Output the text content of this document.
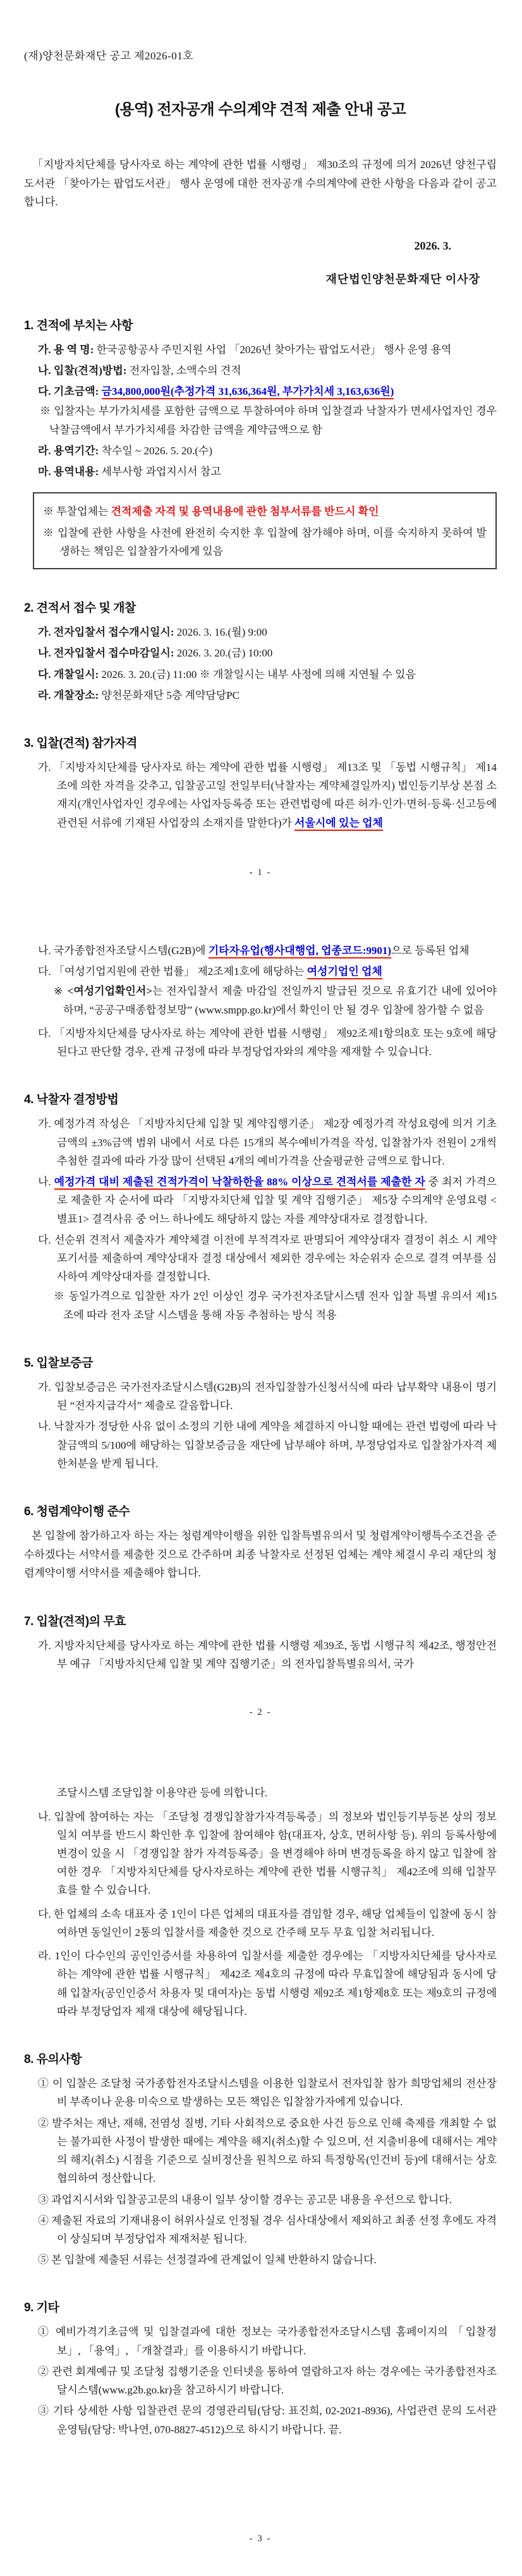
(재)양천문화재단 공고 제2026-01호
(용역) 전자공개 수의계약 견적 제출 안내 공고

「지방자치단체를 당사자로 하는 계약에 관한 법률 시행령」 제30조의 규정에 의거 2026년 양천구립도서관 「찾아가는 팝업도서관」 행사 운영에 대한 전자공개 수의계약에 관한 사항을 다음과 같이 공고합니다.

2026. 3.
재단법인양천문화재단 이사장
1. 견적에 부치는 사항

가. 용 역 명: 한국공항공사 주민지원 사업 「2026년 찾아가는 팝업도서관」 행사 운영 용역

나. 입찰(견적)방법: 전자입찰, 소액수의 견적

다. 기초금액: 금34,800,000원(추정가격 31,636,364원, 부가가치세 3,163,636원)

※ 입찰자는 부가가치세를 포함한 금액으로 투찰하여야 하며 입찰결과 낙찰자가 면세사업자인 경우 낙찰금액에서 부가가치세를 차감한 금액을 계약금액으로 함

라. 용역기간: 착수일 ~ 2026. 5. 20.(수)

마. 용역내용: 세부사항 과업지시서 참고

※ 투찰업체는 견적제출 자격 및 용역내용에 관한 첨부서류를 반드시 확인

※ 입찰에 관한 사항을 사전에 완전히 숙지한 후 입찰에 참가해야 하며, 이를 숙지하지 못하여 발생하는 책임은 입찰참가자에게 있음

2. 견적서 접수 및 개찰

가. 전자입찰서 접수개시일시: 2026. 3. 16.(월) 9:00

나. 전자입찰서 접수마감일시: 2026. 3. 20.(금) 10:00

다. 개찰일시: 2026. 3. 20.(금) 11:00 ※ 개찰일시는 내부 사정에 의해 지연될 수 있음

라. 개찰장소: 양천문화재단 5층 계약담당PC

3. 입찰(견적) 참가자격

가. 「지방자치단체를 당사자로 하는 계약에 관한 법률 시행령」 제13조 및 「동법 시행규칙」 제14조에 의한 자격을 갖추고, 입찰공고일 전일부터(낙찰자는 계약체결일까지) 법인등기부상 본점 소재지(개인사업자인 경우에는 사업자등록증 또는 관련법령에 따른 허가·인가·면허·등록·신고등에 관련된 서류에 기재된 사업장의 소재지를 말한다)가 서울시에 있는 업체

- 1 -

나. 국가종합전자조달시스템(G2B)에 기타자유업(행사대행업, 업종코드:9901)으로 등록된 업체

다. 「여성기업지원에 관한 법률」 제2조제1호에 해당하는 여성기업인 업체

※ <여성기업확인서>는 전자입찰서 제출 마감일 전일까지 발급된 것으로 유효기간 내에 있어야 하며, “공공구매종합정보망” (www.smpp.go.kr)에서 확인이 안 될 경우 입찰에 참가할 수 없음

다. 「지방자치단체를 당사자로 하는 계약에 관한 법률 시행령」 제92조제1항의8호 또는 9호에 해당된다고 판단할 경우, 관계 규정에 따라 부정당업자와의 계약을 제재할 수 있습니다.

4. 낙찰자 결정방법

가. 예정가격 작성은 「지방자치단체 입찰 및 계약집행기준」 제2장 예정가격 작성요령에 의거 기초금액의 ±3%금액 범위 내에서 서로 다른 15개의 복수예비가격을 작성, 입찰참가자 전원이 2개씩 추첨한 결과에 따라 가장 많이 선택된 4개의 예비가격을 산술평균한 금액으로 합니다.

나. 예정가격 대비 제출된 견적가격이 낙찰하한율 88% 이상으로 견적서를 제출한 자 중 최저 가격으로 제출한 자 순서에 따라 「지방자치단체 입찰 및 계약 집행기준」 제5장 수의계약 운영요령 <별표1> 결격사유 중 어느 하나에도 해당하지 않는 자를 계약상대자로 결정합니다.

다. 선순위 견적서 제출자가 계약체결 이전에 부적격자로 판명되어 계약상대자 결정이 취소 시 계약 포기서를 제출하여 계약상대자 결정 대상에서 제외한 경우에는 차순위자 순으로 결격 여부를 심사하여 계약상대자를 결정합니다.

※ 동일가격으로 입찰한 자가 2인 이상인 경우 국가전자조달시스템 전자 입찰 특별 유의서 제15조에 따라 전자 조달 시스템을 통해 자동 추첨하는 방식 적용

5. 입찰보증금

가. 입찰보증금은 국가전자조달시스템(G2B)의 전자입찰참가신청서식에 따라 납부확약 내용이 명기된 “전자지급각서” 제출로 갈음합니다.

나. 낙찰자가 정당한 사유 없이 소정의 기한 내에 계약을 체결하지 아니할 때에는 관련 법령에 따라 낙찰금액의 5/100에 해당하는 입찰보증금을 재단에 납부해야 하며, 부정당업자로 입찰참가자격 제한처분을 받게 됩니다.

6. 청렴계약이행 준수

본 입찰에 참가하고자 하는 자는 청렴계약이행을 위한 입찰특별유의서 및 청렴계약이행특수조건을 준수하겠다는 서약서를 제출한 것으로 간주하며 최종 낙찰자로 선정된 업체는 계약 체결시 우리 재단의 청렴계약이행 서약서를 제출해야 합니다.

7. 입찰(견적)의 무효

가. 지방자치단체를 당사자로 하는 계약에 관한 법률 시행령 제39조, 동법 시행규칙 제42조, 행정안전부 예규 「지방자치단체 입찰 및 계약 집행기준」의 전자입찰특별유의서, 국가

- 2 -

조달시스템 조달입찰 이용약관 등에 의합니다.

나. 입찰에 참여하는 자는 「조달청 경쟁입찰참가자격등록증」의 정보와 법인등기부등본 상의 정보 일치 여부를 반드시 확인한 후 입찰에 참여해야 함(대표자, 상호, 면허사항 등). 위의 등록사항에 변경이 있을 시 「경쟁입찰 참가 자격등록증」을 변경해야 하며 변경등록을 하지 않고 입찰에 참여한 경우 「지방자치단체를 당사자로하는 계약에 관한 법률 시행규칙」 제42조에 의해 입찰무효를 할 수 있습니다.

다. 한 업체의 소속 대표자 중 1인이 다른 업체의 대표자를 겸임할 경우, 해당 업체들이 입찰에 동시 참여하면 동일인이 2통의 입찰서를 제출한 것으로 간주해 모두 무효 입찰 처리됩니다.

라. 1인이 다수인의 공인인증서를 차용하여 입찰서를 제출한 경우에는 「지방자치단체를 당사자로 하는 계약에 관한 법률 시행규칙」 제42조 제4호의 규정에 따라 무효입찰에 해당됨과 동시에 당해 입찰자(공인인증서 차용자 및 대여자)는 동법 시행령 제92조 제1항제8호 또는 제9호의 규정에 따라 부정당업자 제재 대상에 해당됩니다.

8. 유의사항

① 이 입찰은 조달청 국가종합전자조달시스템을 이용한 입찰로서 전자입찰 참가 희망업체의 전산장비 부족이나 운용 미숙으로 발생하는 모든 책임은 입찰참가자에게 있습니다.

② 발주처는 재난, 재해, 전염성 질병, 기타 사회적으로 중요한 사건 등으로 인해 축제를 개최할 수 없는 불가피한 사정이 발생한 때에는 계약을 해지(취소)할 수 있으며, 선 지출비용에 대해서는 계약의 해지(취소) 시점을 기준으로 실비정산을 원칙으로 하되 특정항목(인건비 등)에 대해서는 상호 협의하여 정산합니다.

③ 과업지시서와 입찰공고문의 내용이 일부 상이할 경우는 공고문 내용을 우선으로 합니다.

④ 제출된 자료의 기재내용이 허위사실로 인정될 경우 심사대상에서 제외하고 최종 선정 후에도 자격이 상실되며 부정당업자 제재처분 됩니다.

⑤ 본 입찰에 제출된 서류는 선정결과에 관계없이 일체 반환하지 않습니다.

9. 기타

① 예비가격기초금액 및 입찰결과에 대한 정보는 국가종합전자조달시스템 홈페이지의 「입찰정보」, 「용역」, 「개찰결과」를 이용하시기 바랍니다.

② 관련 회계예규 및 조달청 집행기준을 인터넷을 통하여 열람하고자 하는 경우에는 국가종합전자조달시스템(www.g2b.go.kr)을 참고하시기 바랍니다.

③ 기타 상세한 사항 입찰관련 문의 경영관리팀(담당: 표진희, 02-2021-8936), 사업관련 문의 도서관운영팀(담당: 박나연, 070-8827-4512)으로 하시기 바랍니다. 끝.

- 3 -
